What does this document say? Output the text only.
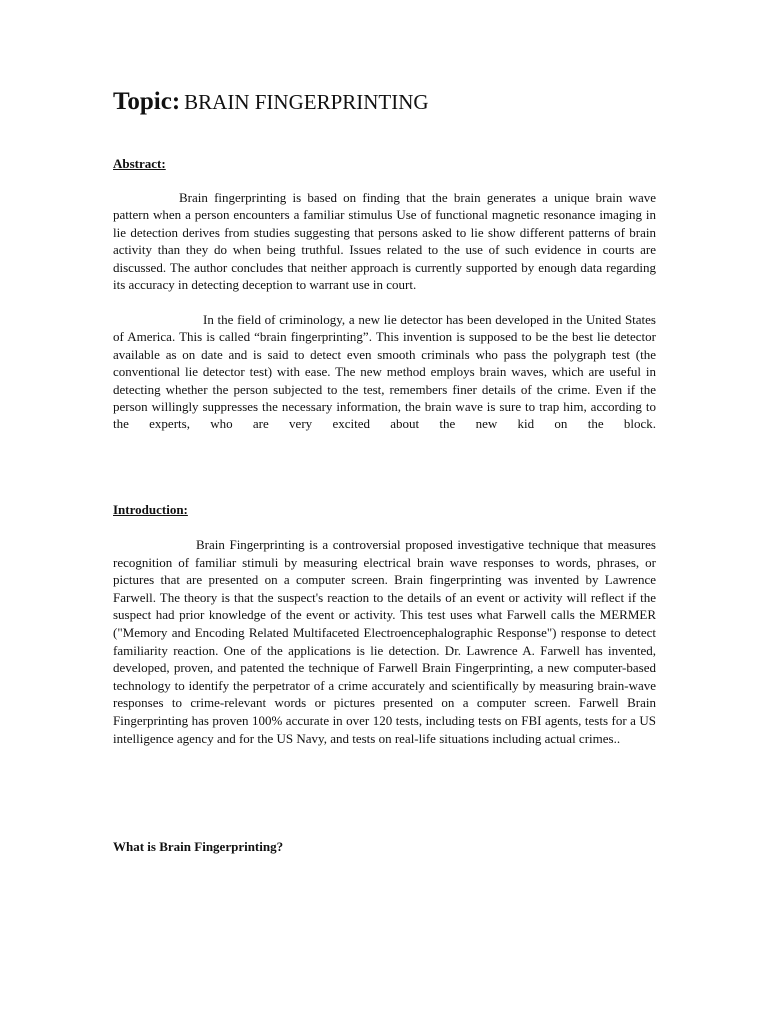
Topic: BRAIN FINGERPRINTING
Abstract:

Brain fingerprinting is based on finding that the brain generates a unique brain wave pattern when a person encounters a familiar stimulus Use of functional magnetic resonance imaging in lie detection derives from studies suggesting that persons asked to lie show different patterns of brain activity than they do when being truthful. Issues related to the use of such evidence in courts are discussed. The author concludes that neither approach is currently supported by enough data regarding its accuracy in detecting deception to warrant use in court.

In the field of criminology, a new lie detector has been developed in the United States of America. This is called “brain fingerprinting”. This invention is supposed to be the best lie detector available as on date and is said to detect even smooth criminals who pass the polygraph test (the conventional lie detector test) with ease. The new method employs brain waves, which are useful in detecting whether the person subjected to the test, remembers finer details of the crime. Even if the person willingly suppresses the necessary information, the brain wave is sure to trap him, according to the experts, who are very excited about the new kid on the block.

Introduction:

Brain Fingerprinting is a controversial proposed investigative technique that measures recognition of familiar stimuli by measuring electrical brain wave responses to words, phrases, or pictures that are presented on a computer screen. Brain fingerprinting was invented by Lawrence Farwell. The theory is that the suspect's reaction to the details of an event or activity will reflect if the suspect had prior knowledge of the event or activity. This test uses what Farwell calls the MERMER ("Memory and Encoding Related Multifaceted Electroencephalographic Response") response to detect familiarity reaction. One of the applications is lie detection. Dr. Lawrence A. Farwell has invented, developed, proven, and patented the technique of Farwell Brain Fingerprinting, a new computer-based technology to identify the perpetrator of a crime accurately and scientifically by measuring brain-wave responses to crime-relevant words or pictures presented on a computer screen. Farwell Brain Fingerprinting has proven 100% accurate in over 120 tests, including tests on FBI agents, tests for a US intelligence agency and for the US Navy, and tests on real-life situations including actual crimes..

What is Brain Fingerprinting?
